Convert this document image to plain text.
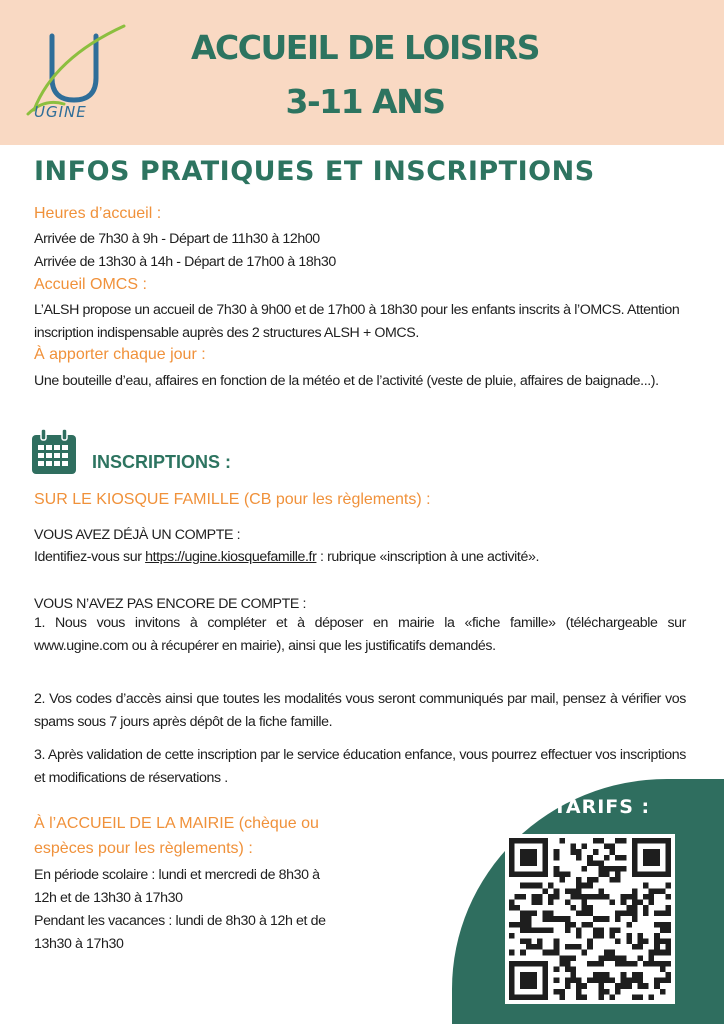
UGINE
ACCUEIL DE LOISIRS
3-11 ANS
INFOS PRATIQUES ET INSCRIPTIONS
Heures d’accueil :
Arrivée de 7h30 à 9h - Départ de 11h30 à 12h00
Arrivée de 13h30 à 14h - Départ de 17h00 à 18h30
Accueil OMCS :
L’ALSH propose un accueil de 7h30 à 9h00 et de 17h00 à 18h30 pour les enfants inscrits à l’OMCS. Attention inscription indispensable auprès des 2 structures ALSH + OMCS.
À apporter chaque jour :
Une bouteille d’eau, affaires en fonction de la météo et de l’activité (veste de pluie, affaires de baignade...).
INSCRIPTIONS :
SUR LE KIOSQUE FAMILLE (CB pour les règlements) :
VOUS AVEZ DÉJÀ UN COMPTE :
Identifiez-vous sur https://ugine.kiosquefamille.fr : rubrique «inscription à une activité».
VOUS N’AVEZ PAS ENCORE DE COMPTE :
1. Nous vous invitons à compléter et à déposer en mairie la «fiche famille» (téléchargeable sur www.ugine.com ou à récupérer en mairie), ainsi que les justificatifs demandés.
2. Vos codes d’accès ainsi que toutes les modalités vous seront communiqués par mail, pensez à vérifier vos spams sous 7 jours après dépôt de la fiche famille.
3. Après validation de cette inscription par le service éducation enfance, vous pourrez effectuer vos inscriptions et modifications de réservations .
À l’ACCUEIL DE LA MAIRIE (chèque ou
espèces pour les règlements) :
En période scolaire : lundi et mercredi de 8h30 à
12h et de 13h30 à 17h30
Pendant les vacances : lundi de 8h30 à 12h et de
13h30 à 17h30
LES TARIFS :
